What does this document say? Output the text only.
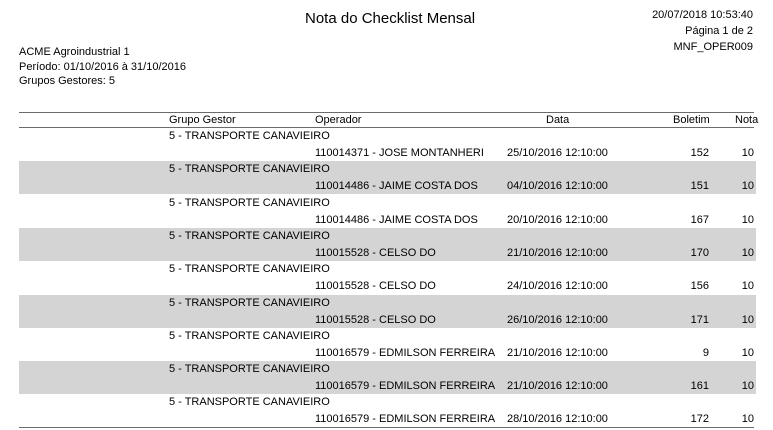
Nota do Checklist Mensal	20/07/2018 10:53:40
Página 1 de 2
MNF_OPER009
ACME Agroindustrial 1
Período: 01/10/2016 à 31/10/2016
Grupos Gestores: 5
Grupo Gestor	Operador	Data	Boletim Nota
5 - TRANSPORTE CANAVIEIRO
110014371 - JOSE MONTANHERI 25/10/2016 12:10:00	152	10
5 - TRANSPORTE CANAVIEIRO
110014486 - JAIME COSTA DOS	04/10/2016 12:10:00	151	10
5 - TRANSPORTE CANAVIEIRO
110014486 - JAIME COSTA DOS	20/10/2016 12:10:00	167	10
5 - TRANSPORTE CANAVIEIRO
110015528 - CELSO DO	21/10/2016 12:10:00	170	10
5 - TRANSPORTE CANAVIEIRO
110015528 - CELSO DO	24/10/2016 12:10:00	156	10
5 - TRANSPORTE CANAVIEIRO
110015528 - CELSO DO	26/10/2016 12:10:00	171	10
5 - TRANSPORTE CANAVIEIRO
110016579 - EDMILSON FERREIRA 21/10/2016 12:10:00	9	10
5 - TRANSPORTE CANAVIEIRO
110016579 - EDMILSON FERREIRA 21/10/2016 12:10:00	161	10
5 - TRANSPORTE CANAVIEIRO
110016579 - EDMILSON FERREIRA 28/10/2016 12:10:00	172	10
